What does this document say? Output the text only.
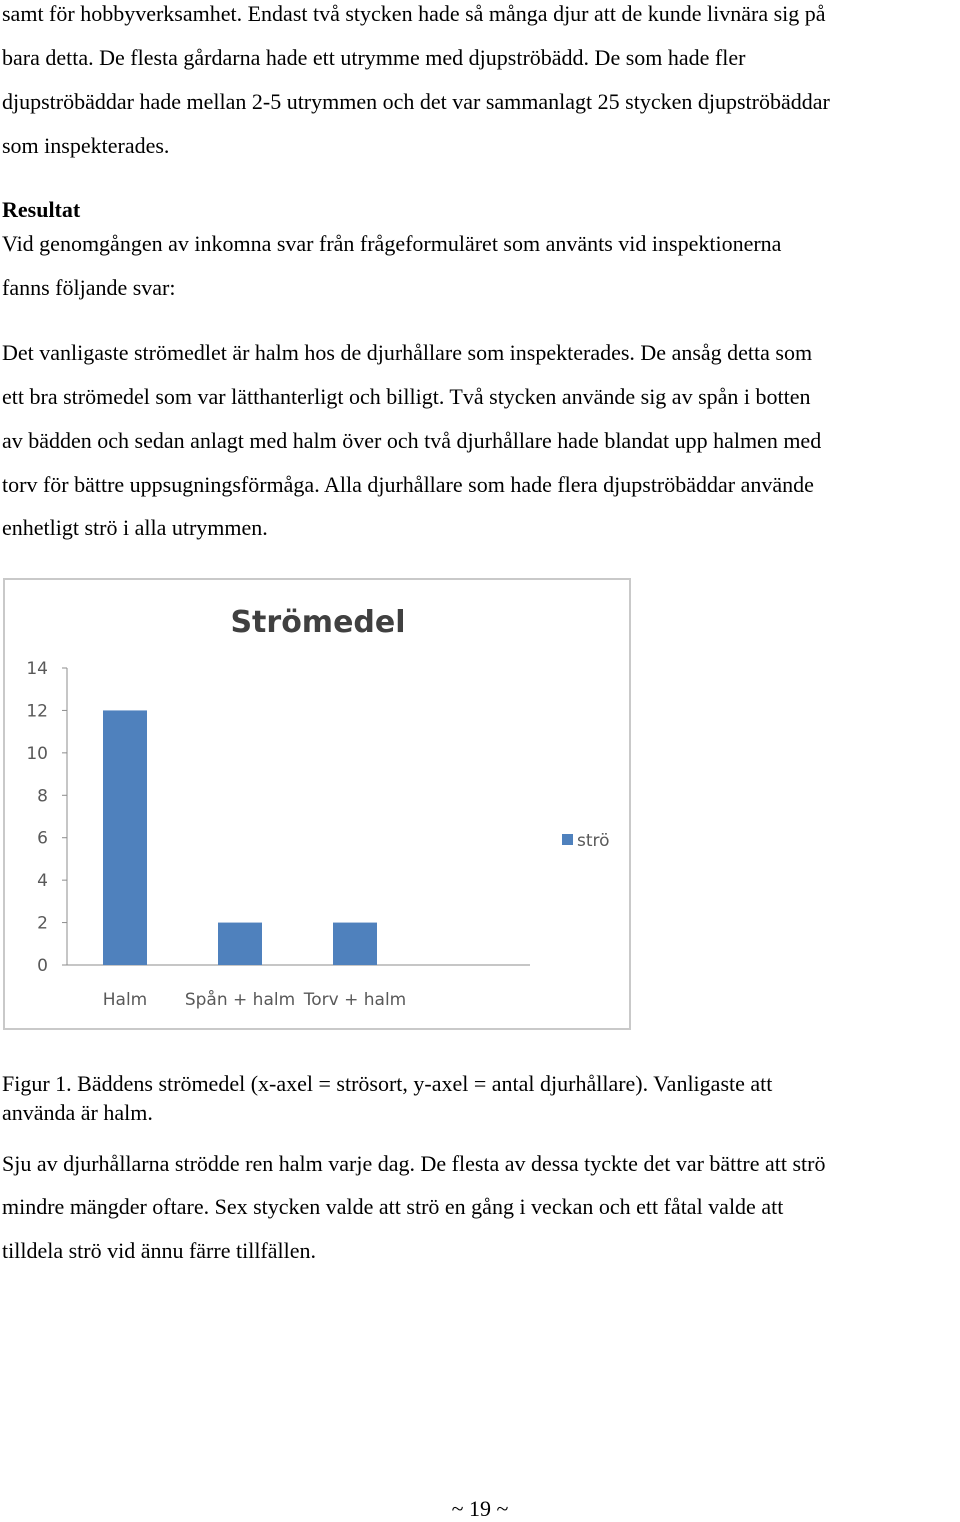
samt för hobbyverksamhet. Endast två stycken hade så många djur att de kunde livnära sig på
bara detta. De flesta gårdarna hade ett utrymme med djupströbädd. De som hade fler
djupströbäddar hade mellan 2-5 utrymmen och det var sammanlagt 25 stycken djupströbäddar
som inspekterades.
Resultat
Vid genomgången av inkomna svar från frågeformuläret som använts vid inspektionerna
fanns följande svar:
Det vanligaste strömedlet är halm hos de djurhållare som inspekterades. De ansåg detta som
ett bra strömedel som var lätthanterligt och billigt. Två stycken använde sig av spån i botten
av bädden och sedan anlagt med halm över och två djurhållare hade blandat upp halmen med
torv för bättre uppsugningsförmåga. Alla djurhållare som hade flera djupströbäddar använde
enhetligt strö i alla utrymmen.
Strömedel
0
2
4
6
8
10
12
14
Halm Spån + halm Torv + halm
strö
Figur 1. Bäddens strömedel (x-axel = strösort, y-axel = antal djurhållare). Vanligaste att
använda är halm.
Sju av djurhållarna strödde ren halm varje dag. De flesta av dessa tyckte det var bättre att strö
mindre mängder oftare. Sex stycken valde att strö en gång i veckan och ett fåtal valde att
tilldela strö vid ännu färre tillfällen.
~ 19 ~
